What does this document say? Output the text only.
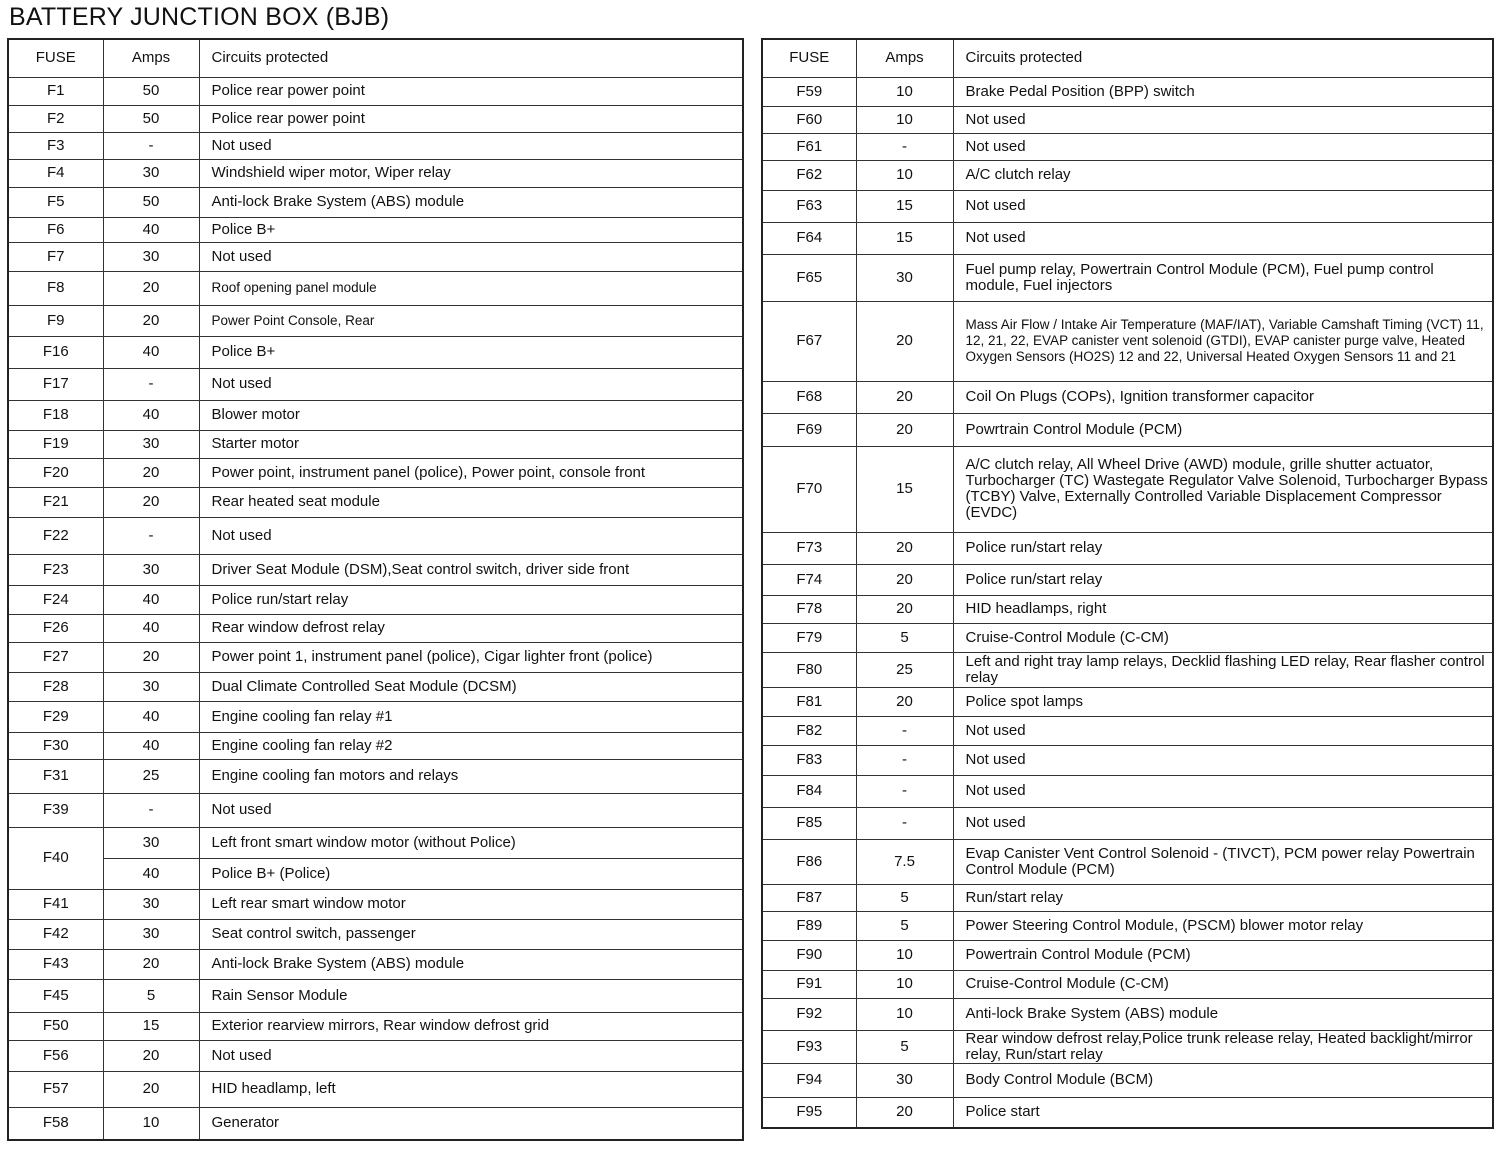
BATTERY JUNCTION BOX (BJB)
FUSE	Amps	Circuits protected
F1	50	Police rear power point
F2	50	Police rear power point
F3	-	Not used
F4	30	Windshield wiper motor, Wiper relay
F5	50	Anti-lock Brake System (ABS) module
F6	40	Police B+
F7	30	Not used
F8	20	Roof opening panel module
F9	20	Power Point Console, Rear
F16	40	Police B+
F17	-	Not used
F18	40	Blower motor
F19	30	Starter motor
F20	20	Power point, instrument panel (police), Power point, console front
F21	20	Rear heated seat module
F22	-	Not used
F23	30	Driver Seat Module (DSM),Seat control switch, driver side front
F24	40	Police run/start relay
F26	40	Rear window defrost relay
F27	20	Power point 1, instrument panel (police), Cigar lighter front (police)
F28	30	Dual Climate Controlled Seat Module (DCSM)
F29	40	Engine cooling fan relay #1
F30	40	Engine cooling fan relay #2
F31	25	Engine cooling fan motors and relays
F39	-	Not used
F40	30	Left front smart window motor (without Police)
	40	Police B+ (Police)
F41	30	Left rear smart window motor
F42	30	Seat control switch, passenger
F43	20	Anti-lock Brake System (ABS) module
F45	5	Rain Sensor Module
F50	15	Exterior rearview mirrors, Rear window defrost grid
F56	20	Not used
F57	20	HID headlamp, left
F58	10	Generator
FUSE	Amps	Circuits protected
F59	10	Brake Pedal Position (BPP) switch
F60	10	Not used
F61	-	Not used
F62	10	A/C clutch relay
F63	15	Not used
F64	15	Not used
F65	30	Fuel pump relay, Powertrain Control Module (PCM), Fuel pump control module, Fuel injectors
F67	20	Mass Air Flow / Intake Air Temperature (MAF/IAT), Variable Camshaft Timing (VCT) 11, 12, 21, 22, EVAP canister vent solenoid (GTDI), EVAP canister purge valve, Heated Oxygen Sensors (HO2S) 12 and 22, Universal Heated Oxygen Sensors 11 and 21
F68	20	Coil On Plugs (COPs), Ignition transformer capacitor
F69	20	Powrtrain Control Module (PCM)
F70	15	A/C clutch relay, All Wheel Drive (AWD) module, grille shutter actuator, Turbocharger (TC) Wastegate Regulator Valve Solenoid, Turbocharger Bypass (TCBY) Valve, Externally Controlled Variable Displacement Compressor (EVDC)
F73	20	Police run/start relay
F74	20	Police run/start relay
F78	20	HID headlamps, right
F79	5	Cruise-Control Module (C-CM)
F80	25	Left and right tray lamp relays, Decklid flashing LED relay, Rear flasher control relay
F81	20	Police spot lamps
F82	-	Not used
F83	-	Not used
F84	-	Not used
F85	-	Not used
F86	7.5	Evap Canister Vent Control Solenoid - (TIVCT), PCM power relay Powertrain Control Module (PCM)
F87	5	Run/start relay
F89	5	Power Steering Control Module, (PSCM) blower motor relay
F90	10	Powertrain Control Module (PCM)
F91	10	Cruise-Control Module (C-CM)
F92	10	Anti-lock Brake System (ABS) module
F93	5	Rear window defrost relay,Police trunk release relay, Heated backlight/mirror relay, Run/start relay
F94	30	Body Control Module (BCM)
F95	20	Police start
